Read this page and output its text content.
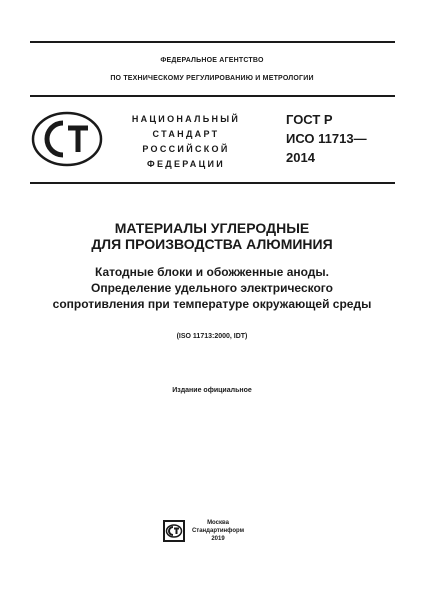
ФЕДЕРАЛЬНОЕ АГЕНТСТВО
ПО ТЕХНИЧЕСКОМУ РЕГУЛИРОВАНИЮ И МЕТРОЛОГИИ
НАЦИОНАЛЬНЫЙ
СТАНДАРТ
РОССИЙСКОЙ
ФЕДЕРАЦИИ
ГОСТ Р
ИСО 11713—
2014
МАТЕРИАЛЫ УГЛЕРОДНЫЕ
ДЛЯ ПРОИЗВОДСТВА АЛЮМИНИЯ
Катодные блоки и обожженные аноды.
Определение удельного электрического
сопротивления при температуре окружающей среды
(ISO 11713:2000, IDT)
Издание официальное
Москва
Стандартинформ
2019
